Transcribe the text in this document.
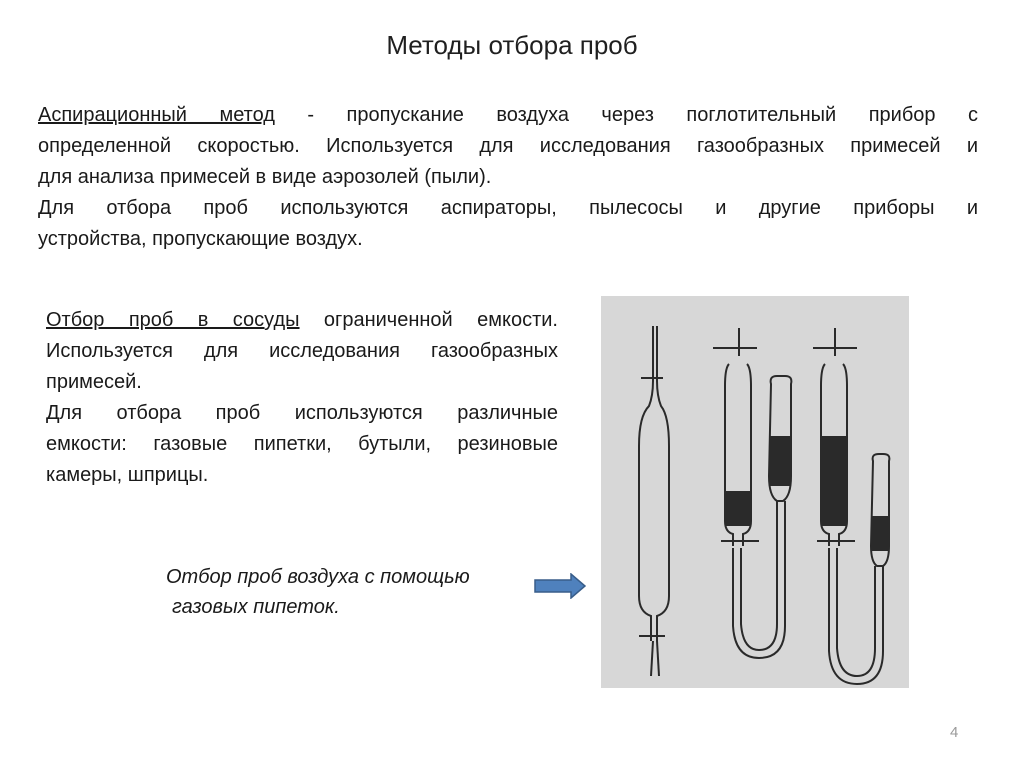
Методы отбора проб

Аспирационный метод - пропускание воздуха через поглотительный прибор с

определенной скоростью. Используется для исследования газообразных примесей и

для анализа примесей в виде аэрозолей (пыли).

Для отбора проб используются аспираторы, пылесосы и другие приборы и

устройства, пропускающие воздух.

Отбор проб в сосуды ограниченной емкости.

Используется для исследования газообразных

примесей.

Для отбора проб используются различные

емкости: газовые пипетки, бутыли, резиновые

камеры, шприцы.

Отбор проб воздуха с помощью
газовых пипеток.
4
